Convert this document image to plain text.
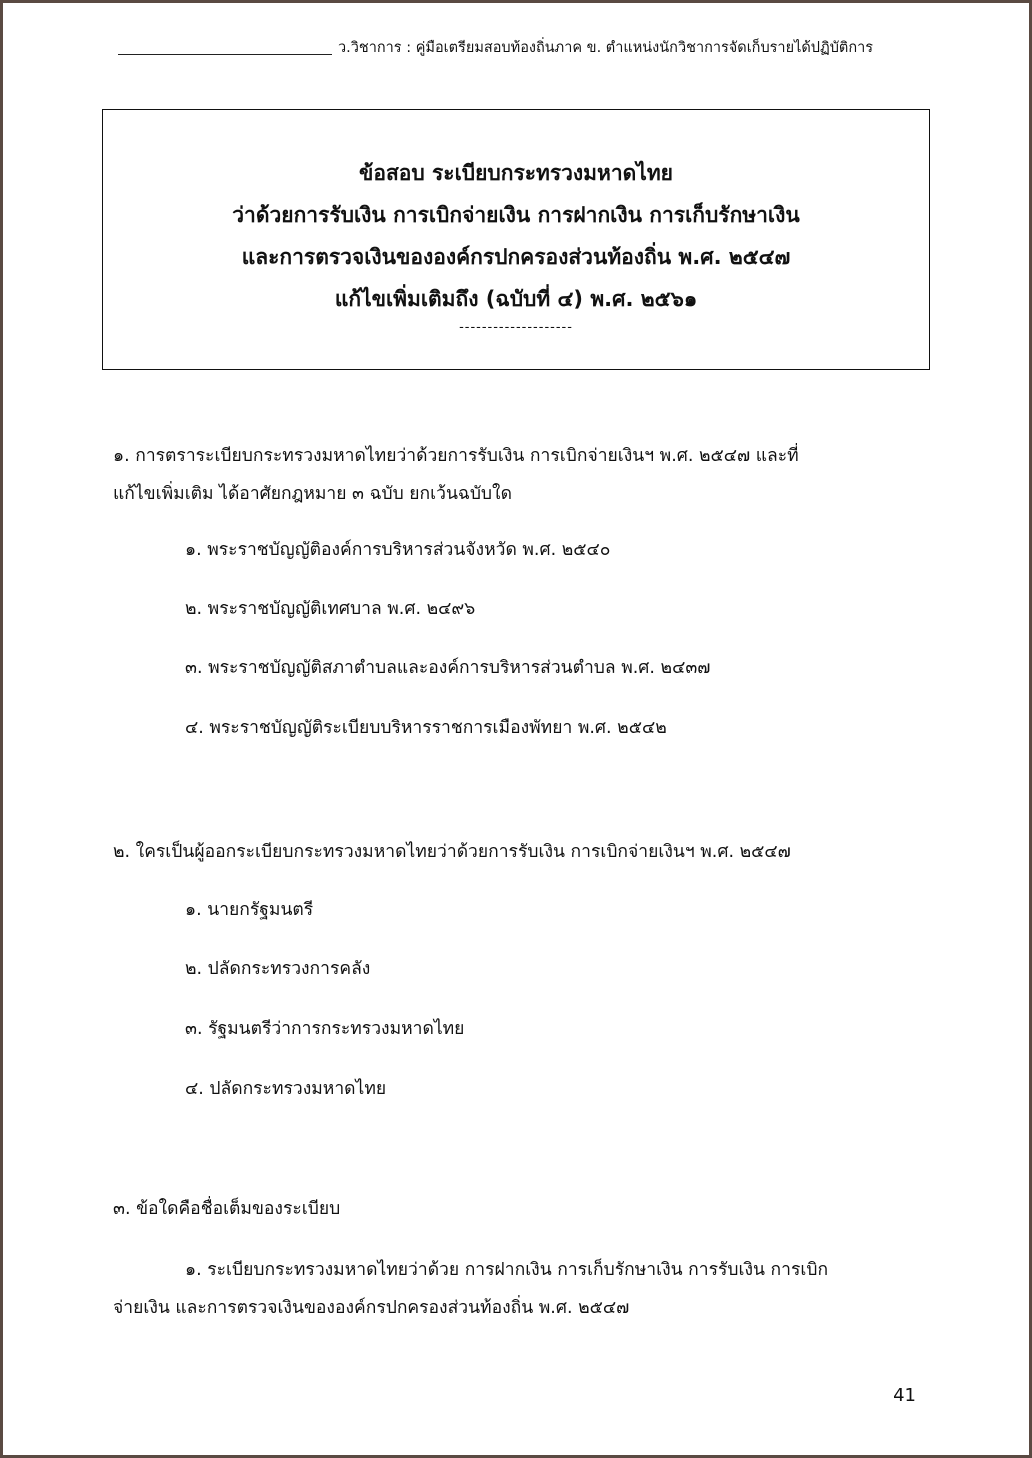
ว.วิชาการ : คู่มือเตรียมสอบท้องถิ่นภาค ข. ตำแหน่งนักวิชาการจัดเก็บรายได้ปฏิบัติการ
ข้อสอบ ระเบียบกระทรวงมหาดไทย
ว่าด้วยการรับเงิน การเบิกจ่ายเงิน การฝากเงิน การเก็บรักษาเงิน
และการตรวจเงินขององค์กรปกครองส่วนท้องถิ่น พ.ศ. ๒๕๔๗
แก้ไขเพิ่มเติมถึง (ฉบับที่ ๔) พ.ศ. ๒๕๖๑
--------------------
๑. การตราระเบียบกระทรวงมหาดไทยว่าด้วยการรับเงิน การเบิกจ่ายเงินฯ พ.ศ. ๒๕๔๗ และที่
แก้ไขเพิ่มเติม ได้อาศัยกฎหมาย ๓ ฉบับ ยกเว้นฉบับใด
๑. พระราชบัญญัติองค์การบริหารส่วนจังหวัด พ.ศ. ๒๕๔๐
๒. พระราชบัญญัติเทศบาล พ.ศ. ๒๔๙๖
๓. พระราชบัญญัติสภาตำบลและองค์การบริหารส่วนตำบล พ.ศ. ๒๔๓๗
๔. พระราชบัญญัติระเบียบบริหารราชการเมืองพัทยา พ.ศ. ๒๕๔๒
๒. ใครเป็นผู้ออกระเบียบกระทรวงมหาดไทยว่าด้วยการรับเงิน การเบิกจ่ายเงินฯ พ.ศ. ๒๕๔๗
๑. นายกรัฐมนตรี
๒. ปลัดกระทรวงการคลัง
๓. รัฐมนตรีว่าการกระทรวงมหาดไทย
๔. ปลัดกระทรวงมหาดไทย
๓. ข้อใดคือชื่อเต็มของระเบียบ
๑. ระเบียบกระทรวงมหาดไทยว่าด้วย การฝากเงิน การเก็บรักษาเงิน การรับเงิน การเบิก
จ่ายเงิน และการตรวจเงินขององค์กรปกครองส่วนท้องถิ่น พ.ศ. ๒๕๔๗
41
